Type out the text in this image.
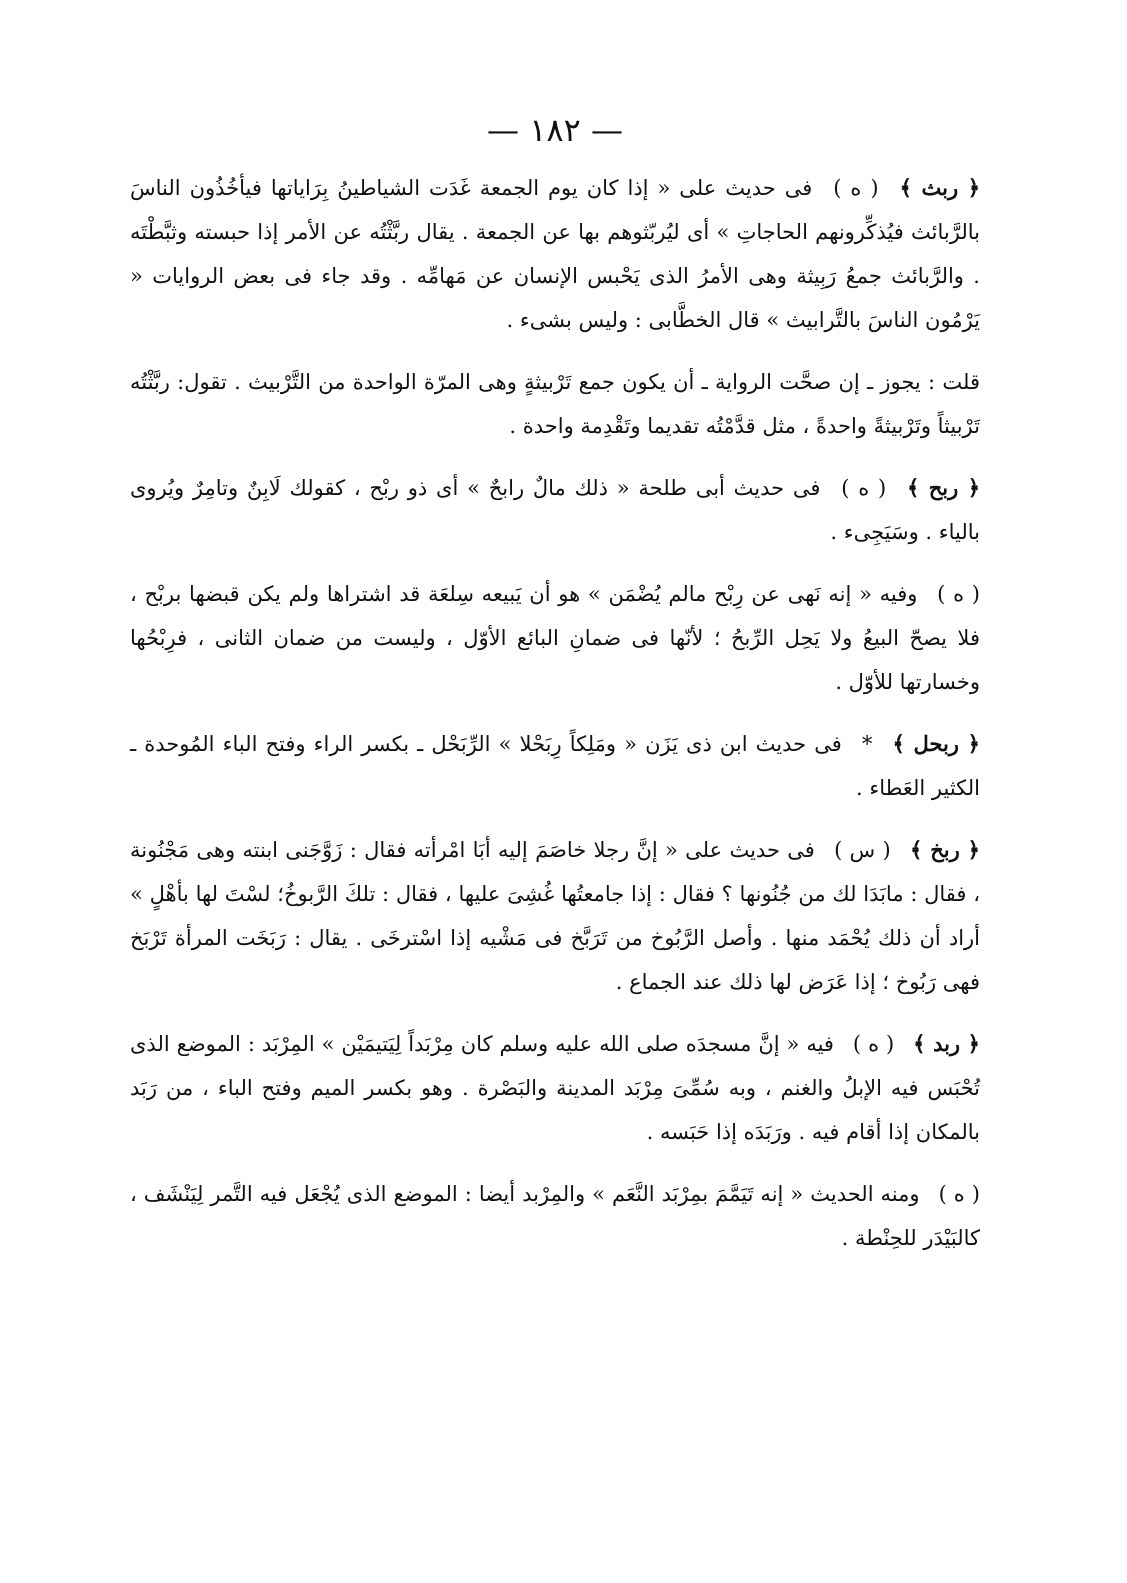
— ١٨٢ —

﴿ ربث ﴾ ( ه ) فى حديث على « إذا كان يوم الجمعة غَدَت الشياطينُ بِرَاياتها فيأخُذُون الناسَ بالرَّبائث فيُذكِّرونهم الحاجاتِ » أى ليُربّثوهم بها عن الجمعة . يقال ربَّثْتُه عن الأمر إذا حبسته وثبَّطْتَه . والرَّبائث جمعُ رَبِيثة وهى الأمرُ الذى يَحْبس الإنسان عن مَهامِّه . وقد جاء فى بعض الروايات « يَرْمُون الناسَ بالتَّرابيث » قال الخطَّابى : وليس بشىء .

قلت : يجوز ـ إن صحَّت الرواية ـ أن يكون جمع تَرْبيثةٍ وهى المرّة الواحدة من التَّرْبيث . تقول: ربَّثْتُه تَرْبيثاً وتَرْبيثةً واحدةً ، مثل قدَّمْتُه تقديما وتَقْدِمة واحدة .

﴿ ربح ﴾ ( ه ) فى حديث أبى طلحة « ذلك مالٌ رابحٌ » أى ذو ربْح ، كقولك لَابِنٌ وتامِرٌ ويُروى بالياء . وسَيَجِىء .

( ه ) وفيه « إنه نَهى عن رِبْح مالم يُضْمَن » هو أن يَبيعه سِلعَة قد اشتراها ولم يكن قبضها بربْح ، فلا يصحّ البيعُ ولا يَحِل الرِّبحُ ؛ لأنّها فى ضمانِ البائع الأوّل ، وليست من ضمان الثانى ، فرِبْحُها وخسارتها للأوّل .

﴿ ربحل ﴾ * فى حديث ابن ذى يَزَن « ومَلِكاً رِبَحْلا » الرِّبَحْل ـ بكسر الراء وفتح الباء المُوحدة ـ الكثير العَطاء .

﴿ ربخ ﴾ ( س ) فى حديث على « إنَّ رجلا خاصَمَ إليه أبَا امْرأته فقال : زَوَّجَنى ابنته وهى مَجْنُونة ، فقال : مابَدَا لك من جُنُونها ؟ فقال : إذا جامعتُها غُشِىَ عليها ، فقال : تلكَ الرَّبوخُ؛ لسْتَ لها بأهْلٍ » أراد أن ذلك يُحْمَد منها . وأصل الرَّبُوخ من تَرَبَّخ فى مَشْيه إذا اسْترخَى . يقال : رَبَخَت المرأة تَرْبَخ فهى رَبُوخ ؛ إذا عَرَض لها ذلك عند الجماع .

﴿ ربد ﴾ ( ه ) فيه « إنَّ مسجدَه صلى الله عليه وسلم كان مِرْبَداً لِيَتيمَيْن » المِرْبَد : الموضع الذى تُحْبَس فيه الإبلُ والغنم ، وبه سُمِّىَ مِرْبَد المدينة والبَصْرة . وهو بكسر الميم وفتح الباء ، من رَبَد بالمكان إذا أقام فيه . ورَبَدَه إذا حَبَسه .

( ه ) ومنه الحديث « إنه تَيَمَّمَ بمِرْبَد النَّعَم » والمِرْبد أيضا : الموضع الذى يُجْعَل فيه التَّمر لِيَنْشَف ، كالبَيْدَر للحِنْطة .
